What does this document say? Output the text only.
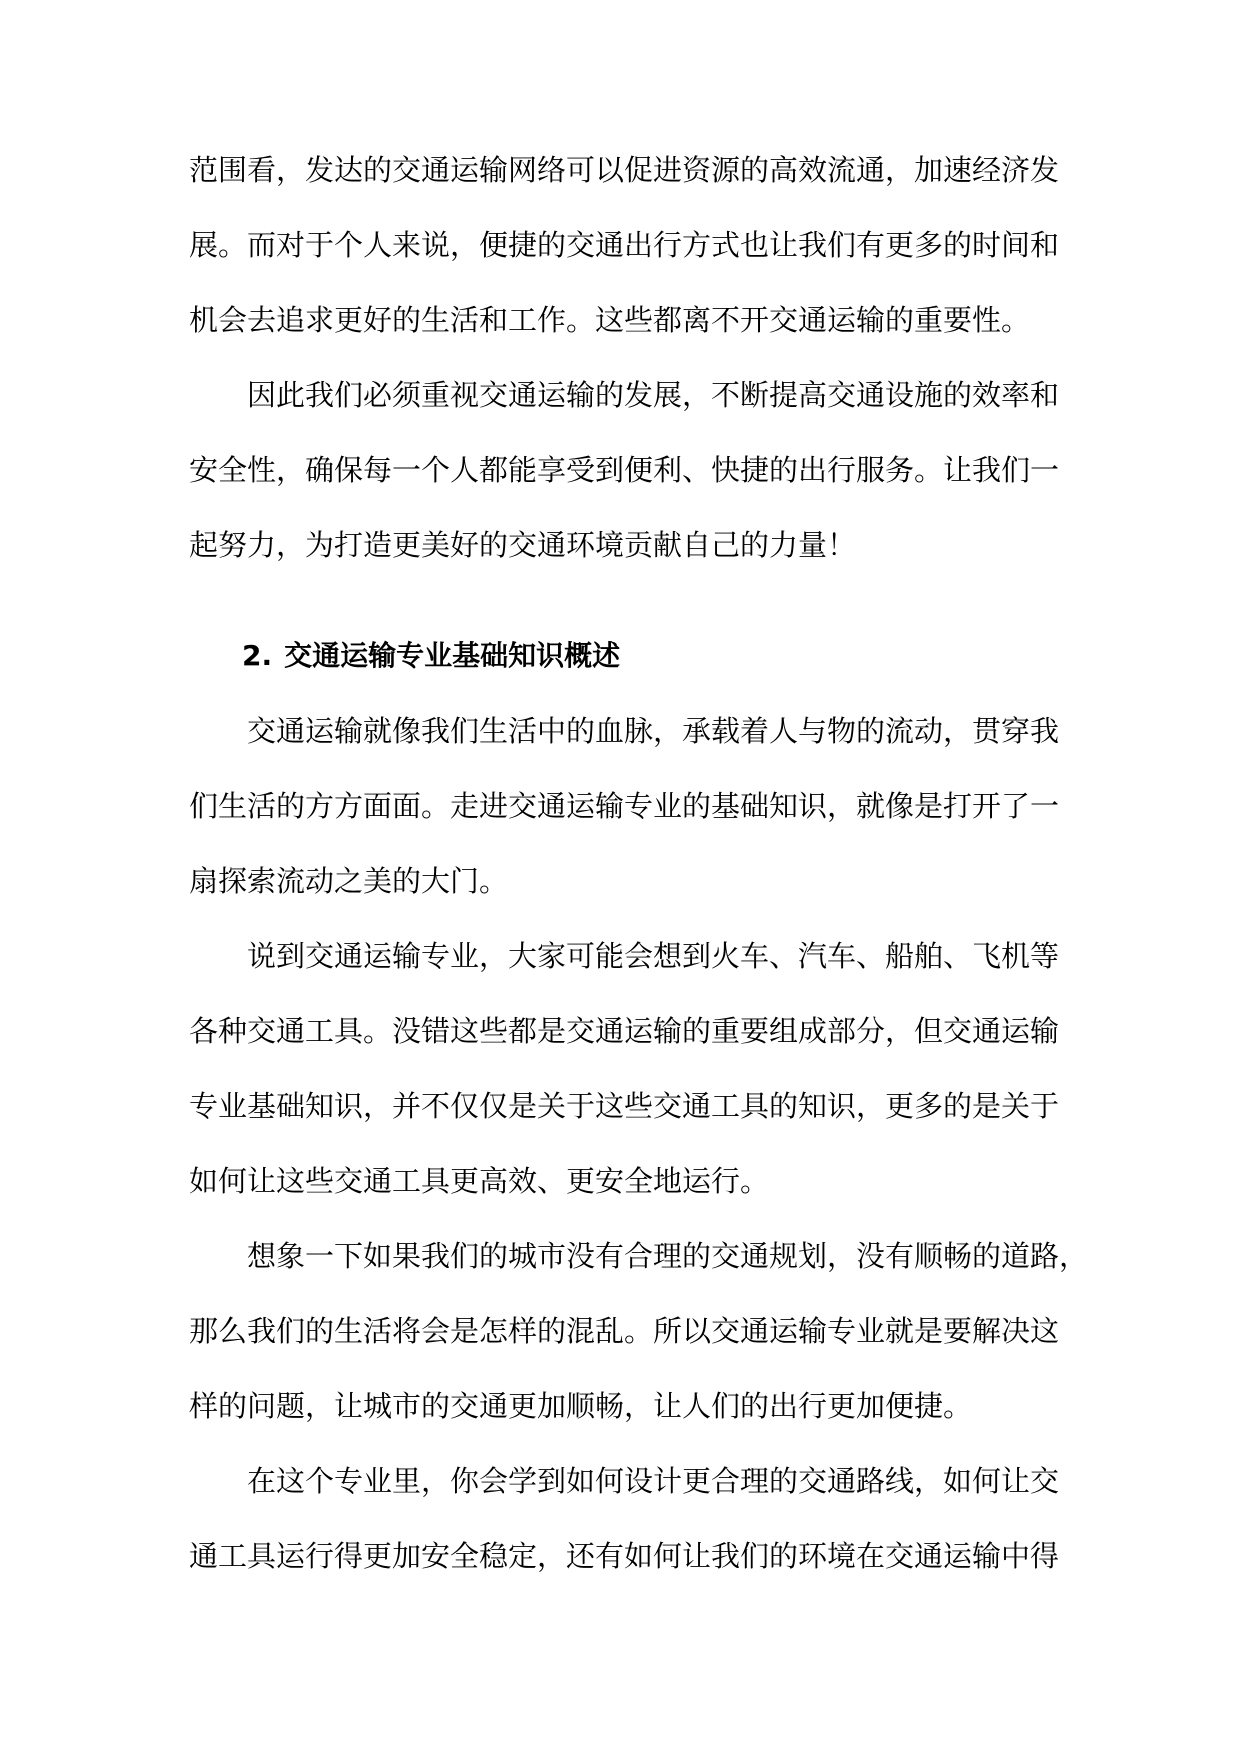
范围看，发达的交通运输网络可以促进资源的高效流通，加速经济发
展。而对于个人来说，便捷的交通出行方式也让我们有更多的时间和
机会去追求更好的生活和工作。这些都离不开交通运输的重要性。
因此我们必须重视交通运输的发展，不断提高交通设施的效率和
安全性，确保每一个人都能享受到便利、快捷的出行服务。让我们一
起努力，为打造更美好的交通环境贡献自己的力量！
2. 交通运输专业基础知识概述
交通运输就像我们生活中的血脉，承载着人与物的流动，贯穿我
们生活的方方面面。走进交通运输专业的基础知识，就像是打开了一
扇探索流动之美的大门。
说到交通运输专业，大家可能会想到火车、汽车、船舶、飞机等
各种交通工具。没错这些都是交通运输的重要组成部分，但交通运输
专业基础知识，并不仅仅是关于这些交通工具的知识，更多的是关于
如何让这些交通工具更高效、更安全地运行。
想象一下如果我们的城市没有合理的交通规划，没有顺畅的道路，
那么我们的生活将会是怎样的混乱。所以交通运输专业就是要解决这
样的问题，让城市的交通更加顺畅，让人们的出行更加便捷。
在这个专业里，你会学到如何设计更合理的交通路线，如何让交
通工具运行得更加安全稳定，还有如何让我们的环境在交通运输中得
